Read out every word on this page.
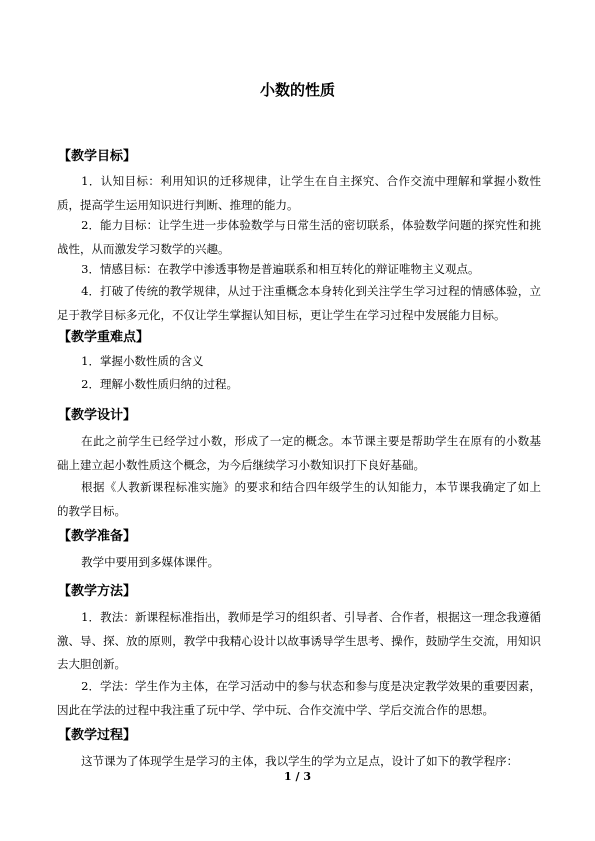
小数的性质
【教学目标】

1．认知目标：利用知识的迁移规律，让学生在自主探究、合作交流中理解和掌握小数性质，提高学生运用知识进行判断、推理的能力。

2．能力目标：让学生进一步体验数学与日常生活的密切联系，体验数学问题的探究性和挑战性，从而激发学习数学的兴趣。

3．情感目标：在教学中渗透事物是普遍联系和相互转化的辩证唯物主义观点。

4．打破了传统的教学规律，从过于注重概念本身转化到关注学生学习过程的情感体验，立足于教学目标多元化，不仅让学生掌握认知目标，更让学生在学习过程中发展能力目标。

【教学重难点】

1．掌握小数性质的含义

2．理解小数性质归纳的过程。

【教学设计】

在此之前学生已经学过小数，形成了一定的概念。本节课主要是帮助学生在原有的小数基础上建立起小数性质这个概念，为今后继续学习小数知识打下良好基础。

根据《人教新课程标准实施》的要求和结合四年级学生的认知能力，本节课我确定了如上的教学目标。

【教学准备】

教学中要用到多媒体课件。

【教学方法】

1．教法：新课程标准指出，教师是学习的组织者、引导者、合作者，根据这一理念我遵循激、导、探、放的原则，教学中我精心设计以故事诱导学生思考、操作，鼓励学生交流，用知识去大胆创新。

2．学法：学生作为主体，在学习活动中的参与状态和参与度是决定教学效果的重要因素，因此在学法的过程中我注重了玩中学、学中玩、合作交流中学、学后交流合作的思想。

【教学过程】

这节课为了体现学生是学习的主体，我以学生的学为立足点，设计了如下的教学程序：

1 / 3
